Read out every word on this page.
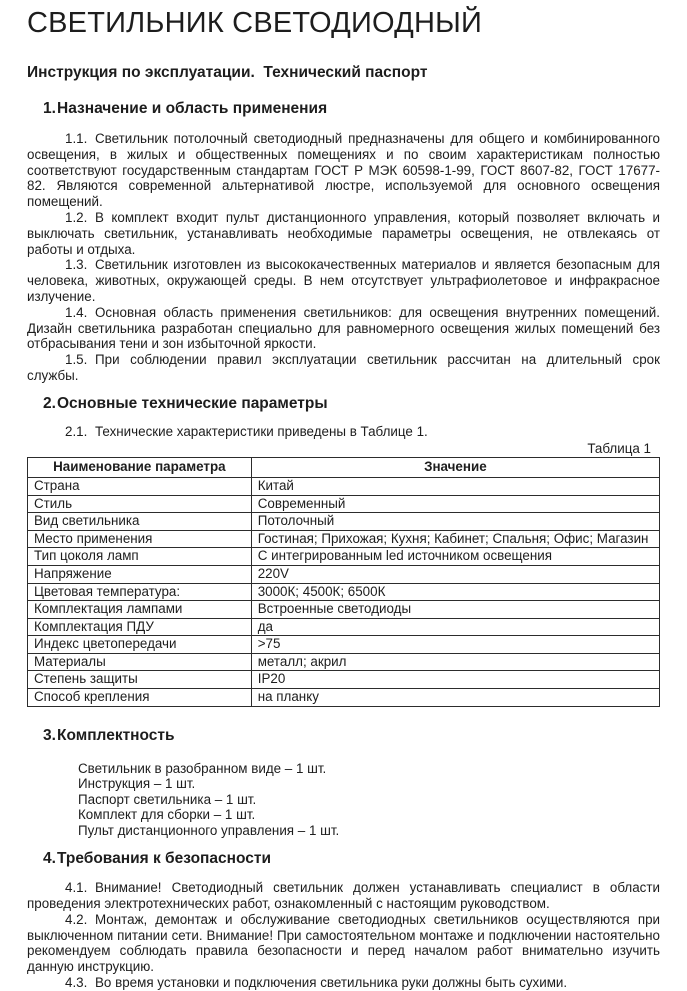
СВЕТИЛЬНИК СВЕТОДИОДНЫЙ

Инструкция по эксплуатации.  Технический паспорт

1.Назначение и область применения

1.1. Светильник потолочный светодиодный предназначены для общего и комбинированного освещения, в жилых и общественных помещениях и по своим характеристикам полностью соответствуют государственным стандартам ГОСТ Р МЭК 60598-1-99, ГОСТ 8607-82, ГОСТ 17677-82. Являются современной альтернативой люстре, используемой для основного освещения помещений.

1.2. В комплект входит пульт дистанционного управления, который позволяет включать и выключать светильник, устанавливать необходимые параметры освещения, не отвлекаясь от работы и отдыха.

1.3. Светильник изготовлен из высококачественных материалов и является безопасным для человека, животных, окружающей среды. В нем отсутствует ультрафиолетовое и инфракрасное излучение.

1.4. Основная область применения светильников: для освещения внутренних помещений. Дизайн светильника разработан специально для равномерного освещения жилых помещений без отбрасывания тени и зон избыточной яркости.

1.5. При соблюдении правил эксплуатации светильник рассчитан на длительный срок службы.

2.Основные технические параметры

2.1. Технические характеристики приведены в Таблице 1.

Таблица 1
Наименование параметра	Значение
Страна	Китай
Стиль	Современный
Вид светильника	Потолочный
Место применения	Гостиная; Прихожая; Кухня; Кабинет; Спальня; Офис; Магазин
Тип цоколя ламп	С интегрированным led источником освещения
Напряжение	220V
Цветовая температура:	3000К; 4500К; 6500К
Комплектация лампами	Встроенные светодиоды
Комплектация ПДУ	да
Индекс цветопередачи	>75
Материалы	металл; акрил
Степень защиты	IP20
Способ крепления	на планку
3.Комплектность
Светильник в разобранном виде – 1 шт.
Инструкция – 1 шт.
Паспорт светильника – 1 шт.
Комплект для сборки – 1 шт.
Пульт дистанционного управления – 1 шт.
4.Требования к безопасности

4.1. Внимание! Светодиодный светильник должен устанавливать специалист в области проведения электротехнических работ, ознакомленный с настоящим руководством.

4.2. Монтаж, демонтаж и обслуживание светодиодных светильников осуществляются при выключенном питании сети. Внимание! При самостоятельном монтаже и подключении настоятельно рекомендуем соблюдать правила безопасности и перед началом работ внимательно изучить данную инструкцию.

4.3. Во время установки и подключения светильника руки должны быть сухими.
